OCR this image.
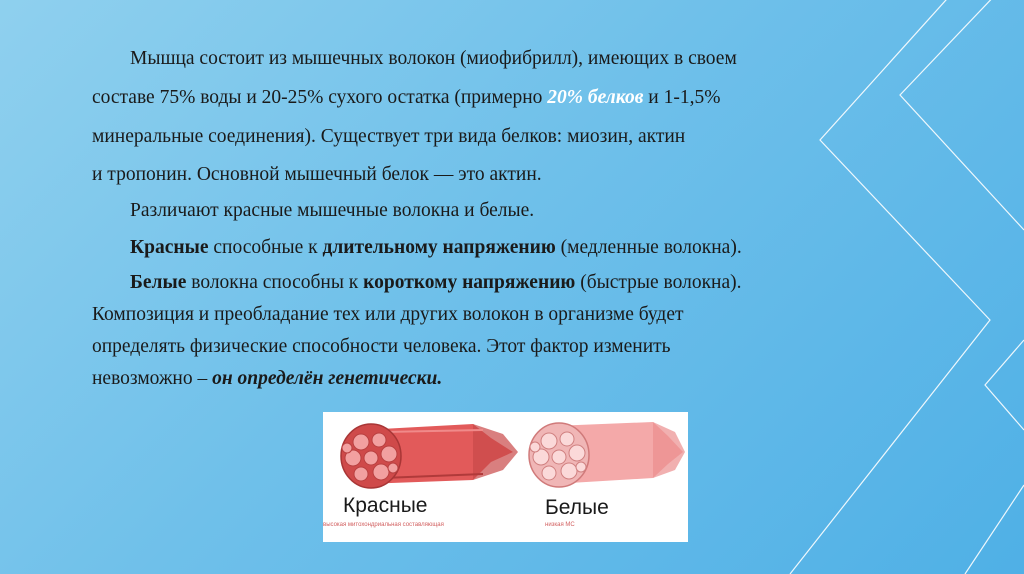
Мышца состоит из мышечных волокон (миофибрилл), имеющих в своем
составе 75% воды и 20-25% сухого остатка (примерно 20% белков и 1-1,5%
минеральные соединения). Существует три вида белков: миозин, актин
и тропонин. Основной мышечный белок — это актин.
Различают красные мышечные волокна и белые.
Красные способные к длительному напряжению (медленные волокна).
Белые волокна способны к короткому напряжению (быстрые волокна).
Композиция и преобладание тех или других волокон в организме будет
определять физические способности человека. Этот фактор изменить
невозможно – он определён генетически.
Красные
высокая митохондриальная составляющая
Белые
низкая МС
